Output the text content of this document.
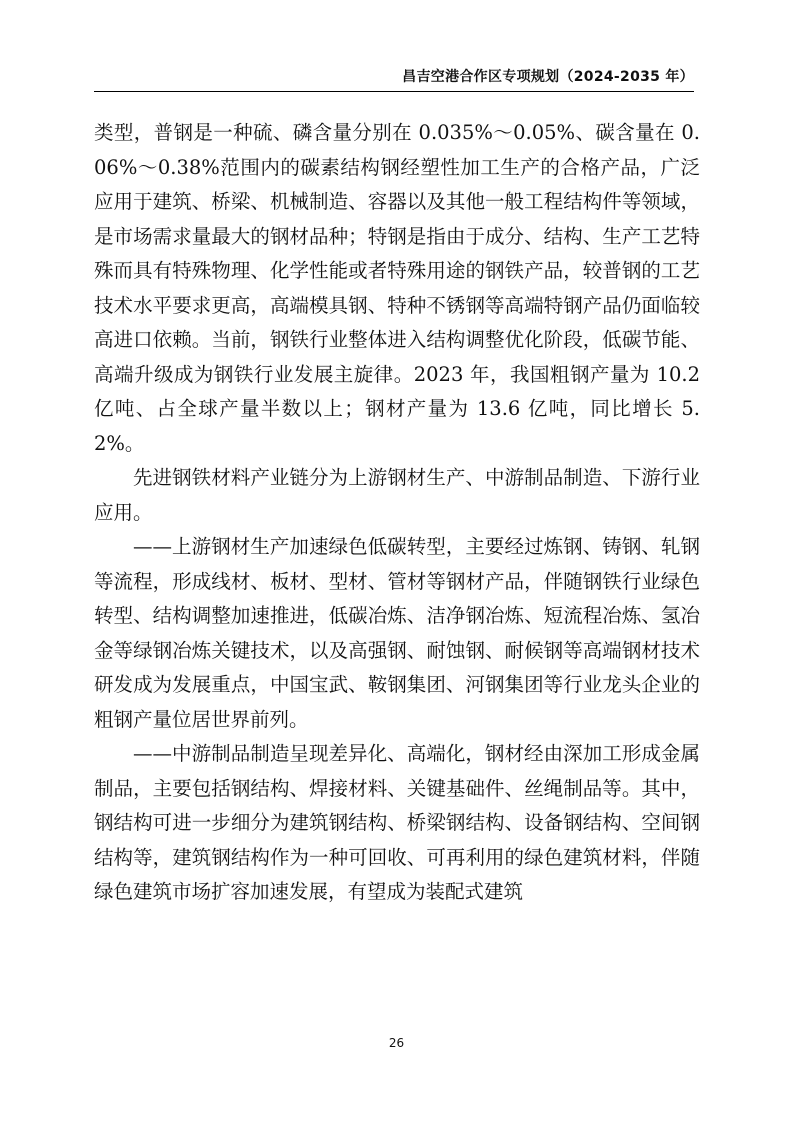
昌吉空港合作区专项规划（2024-2035 年）

类型，普钢是一种硫、磷含量分别在 0.035%～0.05%、碳含量在 0.06%～0.38%范围内的碳素结构钢经塑性加工生产的合格产品，广泛应用于建筑、桥梁、机械制造、容器以及其他一般工程结构件等领域，是市场需求量最大的钢材品种；特钢是指由于成分、结构、生产工艺特殊而具有特殊物理、化学性能或者特殊用途的钢铁产品，较普钢的工艺技术水平要求更高，高端模具钢、特种不锈钢等高端特钢产品仍面临较高进口依赖。当前，钢铁行业整体进入结构调整优化阶段，低碳节能、高端升级成为钢铁行业发展主旋律。2023 年，我国粗钢产量为 10.2 亿吨、占全球产量半数以上；钢材产量为 13.6 亿吨，同比增长 5.2%。

先进钢铁材料产业链分为上游钢材生产、中游制品制造、下游行业应用。

——上游钢材生产加速绿色低碳转型，主要经过炼钢、铸钢、轧钢等流程，形成线材、板材、型材、管材等钢材产品，伴随钢铁行业绿色转型、结构调整加速推进，低碳冶炼、洁净钢冶炼、短流程冶炼、氢冶金等绿钢冶炼关键技术，以及高强钢、耐蚀钢、耐候钢等高端钢材技术研发成为发展重点，中国宝武、鞍钢集团、河钢集团等行业龙头企业的粗钢产量位居世界前列。

——中游制品制造呈现差异化、高端化，钢材经由深加工形成金属制品，主要包括钢结构、焊接材料、关键基础件、丝绳制品等。其中，钢结构可进一步细分为建筑钢结构、桥梁钢结构、设备钢结构、空间钢结构等，建筑钢结构作为一种可回收、可再利用的绿色建筑材料，伴随绿色建筑市场扩容加速发展，有望成为装配式建筑

26
